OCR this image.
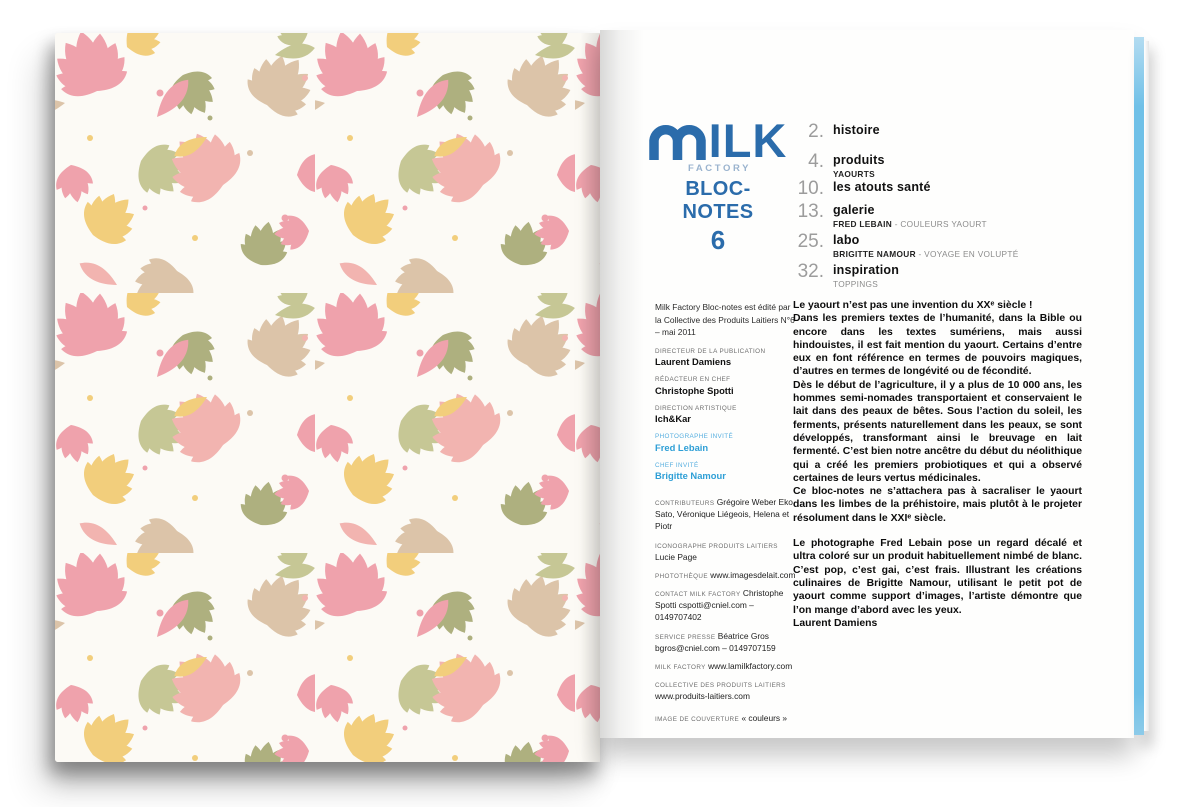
ILK
FACTORY
BLOC-NOTES
6
2. histoire
4. produits
YAOURTS
10. les atouts santé
13. galerie
FRED LEBAIN - COULEURS YAOURT
25. labo
BRIGITTE NAMOUR - VOYAGE EN VOLUPTÉ
32. inspiration
TOPPINGS
Milk Factory Bloc-notes est édité par la Collective des Produits Laitiers N°6 – mai 2011
DIRECTEUR DE LA PUBLICATION
Laurent Damiens
RÉDACTEUR EN CHEF
Christophe Spotti
DIRECTION ARTISTIQUE
Ich&Kar
PHOTOGRAPHE INVITÉ
Fred Lebain
CHEF INVITÉ
Brigitte Namour

CONTRIBUTEURS Grégoire Weber Eko Sato, Véronique Liégeois, Helena et Piotr

ICONOGRAPHE PRODUITS LAITIERS Lucie Page

PHOTOTHÈQUE www.imagesdelait.com

CONTACT MILK FACTORY Christophe Spotti cspotti@cniel.com – 0149707402

SERVICE PRESSE Béatrice Gros bgros@cniel.com – 0149707159

MILK FACTORY www.lamilkfactory.com

COLLECTIVE DES PRODUITS LAITIERS www.produits-laitiers.com

IMAGE DE COUVERTURE « couleurs »

Le yaourt n’est pas une invention du XXᵉ siècle !

Dans les premiers textes de l’humanité, dans la Bible ou encore dans les textes sumériens, mais aussi hindouistes, il est fait mention du yaourt. Certains d’entre eux en font référence en termes de pouvoirs magiques, d’autres en termes de longévité ou de fécondité.

Dès le début de l’agriculture, il y a plus de 10 000 ans, les hommes semi-nomades transportaient et conservaient le lait dans des peaux de bêtes. Sous l’action du soleil, les ferments, présents naturellement dans les peaux, se sont développés, transformant ainsi le breuvage en lait fermenté. C’est bien notre ancêtre du début du néolithique qui a créé les premiers probiotiques et qui a observé certaines de leurs vertus médicinales.

Ce bloc-notes ne s’attachera pas à sacraliser le yaourt dans les limbes de la préhistoire, mais plutôt à le projeter résolument dans le XXIᵉ siècle.

Le photographe Fred Lebain pose un regard décalé et ultra coloré sur un produit habituellement nimbé de blanc. C’est pop, c’est gai, c’est frais. Illustrant les créations culinaires de Brigitte Namour, utilisant le petit pot de yaourt comme support d’images, l’artiste démontre que l’on mange d’abord avec les yeux.

Laurent Damiens
